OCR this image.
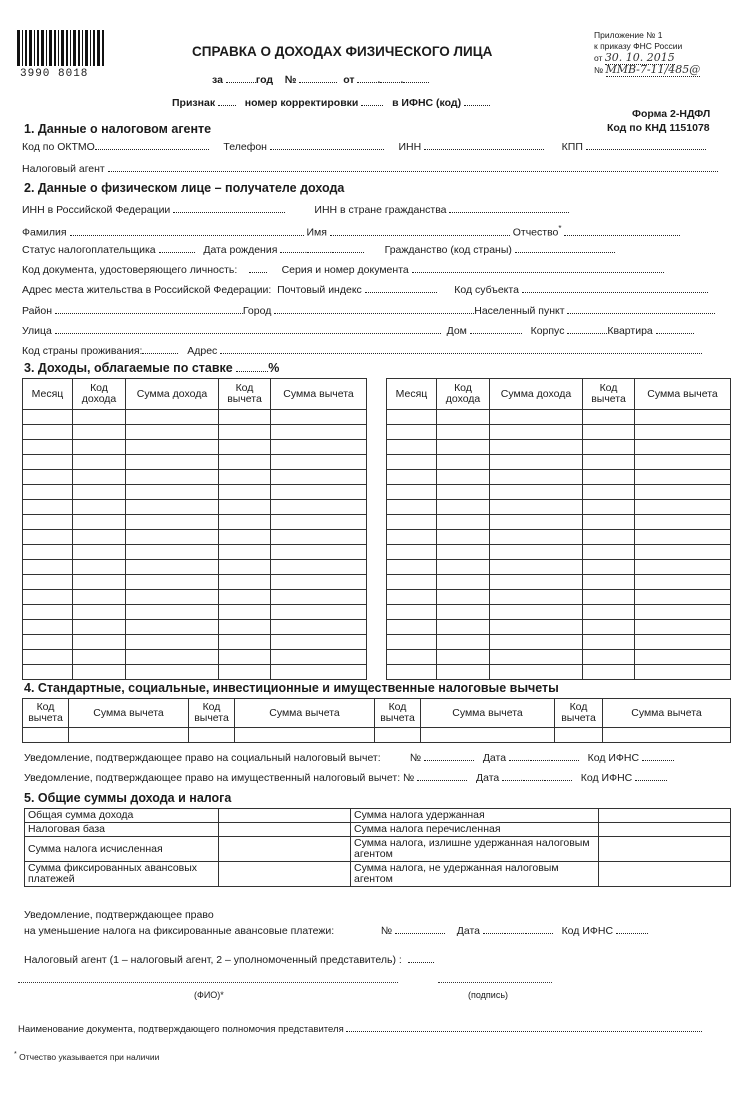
3990 8018
СПРАВКА О ДОХОДАХ ФИЗИЧЕСКОГО ЛИЦА
за	год №	от . .
Признак	номер корректировки	в ИФНС (код)
Приложение № 1
к приказу ФНС России
от 30. 10. 2015
№ ММВ-7-11/485@
Форма 2-НДФЛ
Код по КНД 1151078
1. Данные о налоговом агенте
Код по ОКТМО	Телефон	ИНН	КПП
Налоговый агент
2. Данные о физическом лице – получателе дохода
ИНН в Российской Федерации	ИНН в стране гражданства
Фамилия	Имя	Отчество*
Статус налогоплательщика	Дата рождения	. .	Гражданство (код страны)
Код документа, удостоверяющего личность:	Серия и номер документа
Адрес места жительства в Российской Федерации: Почтовый индекс	Код субъекта
Район	Город	Населенный пункт
Улица	Дом	Корпус	Квартира
Код страны проживания:	Адрес
3. Доходы, облагаемые по ставке	%
Месяц	Код дохода	Сумма дохода	Код вычета	Сумма вычета

					Месяц	Код дохода	Сумма дохода	Код вычета	Сумма вычета

4. Стандартные, социальные, инвестиционные и имущественные налоговые вычеты
Код вычета	Сумма вычета	Код вычета	Сумма вычета	Код вычета	Сумма вычета	Код вычета	Сумма вычета

Уведомление, подтверждающее право на социальный налоговый вычет:	№	Дата . .	Код ИФНС
Уведомление, подтверждающее право на имущественный налоговый вычет: №	Дата . .	Код ИФНС
5. Общие суммы дохода и налога
Общая сумма дохода		Сумма налога удержанная	
Налоговая база		Сумма налога перечисленная	
Сумма налога исчисленная		Сумма налога, излишне удержанная налоговым агентом	
Сумма фиксированных авансовых платежей		Сумма налога, не удержанная налоговым агентом	
Уведомление, подтверждающее право
на уменьшение налога на фиксированные авансовые платежи:	№	Дата . .	Код ИФНС
Налоговый агент (1 – налоговый агент, 2 – уполномоченный представитель) :
(ФИО)*	(подпись)
Наименование документа, подтверждающего полномочия представителя
* Отчество указывается при наличии
